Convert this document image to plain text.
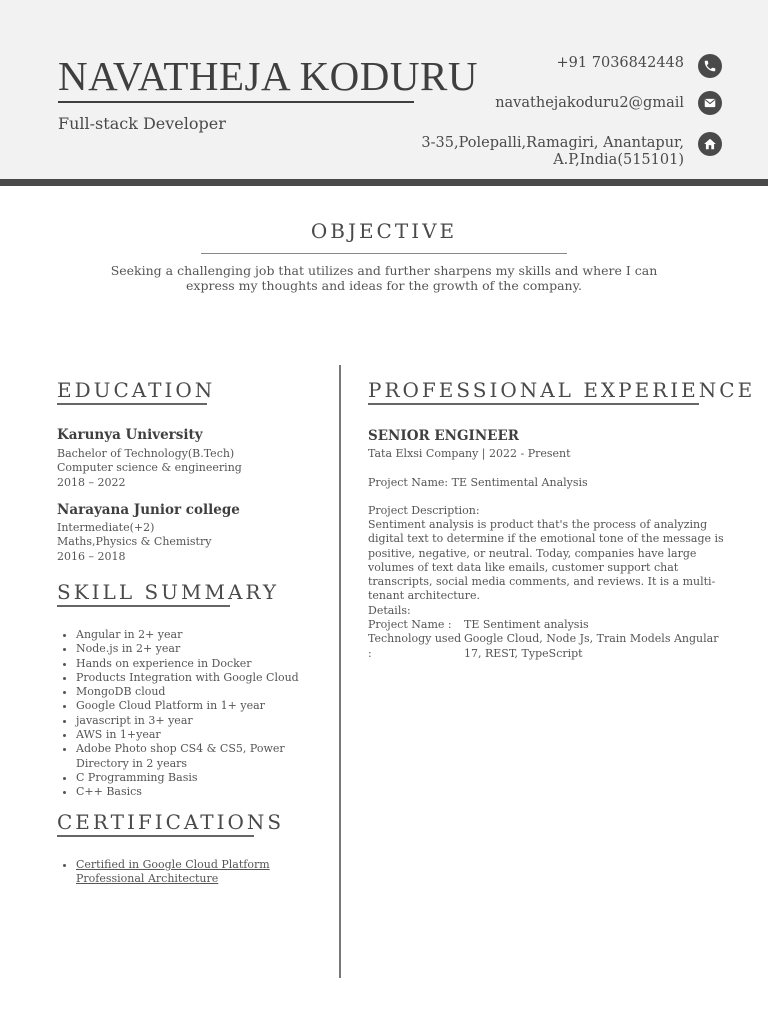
NAVATHEJA KODURU
Full-stack Developer
+91 7036842448
navathejakoduru2@gmail
3-35,Polepalli,Ramagiri, Anantapur,
A.P,India(515101)
OBJECTIVE
Seeking a challenging job that utilizes and further sharpens my skills and where I can
express my thoughts and ideas for the growth of the company.
EDUCATION
Karunya University
Bachelor of Technology(B.Tech)
Computer science & engineering
2018 – 2022
Narayana Junior college
Intermediate(+2)
Maths,Physics & Chemistry
2016 – 2018
SKILL SUMMARY
• Angular in 2+ year
• Node.js in 2+ year
• Hands on experience in Docker
• Products Integration with Google Cloud
• MongoDB cloud
• Google Cloud Platform in 1+ year
• javascript in 3+ year
• AWS in 1+year
• Adobe Photo shop CS4 & CS5, Power Directory in 2 years
• C Programming Basis
• C++ Basics
CERTIFICATIONS
• Certified in Google Cloud Platform Professional Architecture
PROFESSIONAL EXPERIENCE
SENIOR ENGINEER
Tata Elxsi Company | 2022 - Present
Project Name: TE Sentimental Analysis
Project Description:
Sentiment analysis is product that's the process of analyzing digital text to determine if the emotional tone of the message is positive, negative, or neutral. Today, companies have large volumes of text data like emails, customer support chat transcripts, social media comments, and reviews. It is a multi-tenant architecture.
Details:
Project Name :	TE Sentiment analysis
Technology used :
Google Cloud, Node Js, Train Models Angular 17, REST, TypeScript
